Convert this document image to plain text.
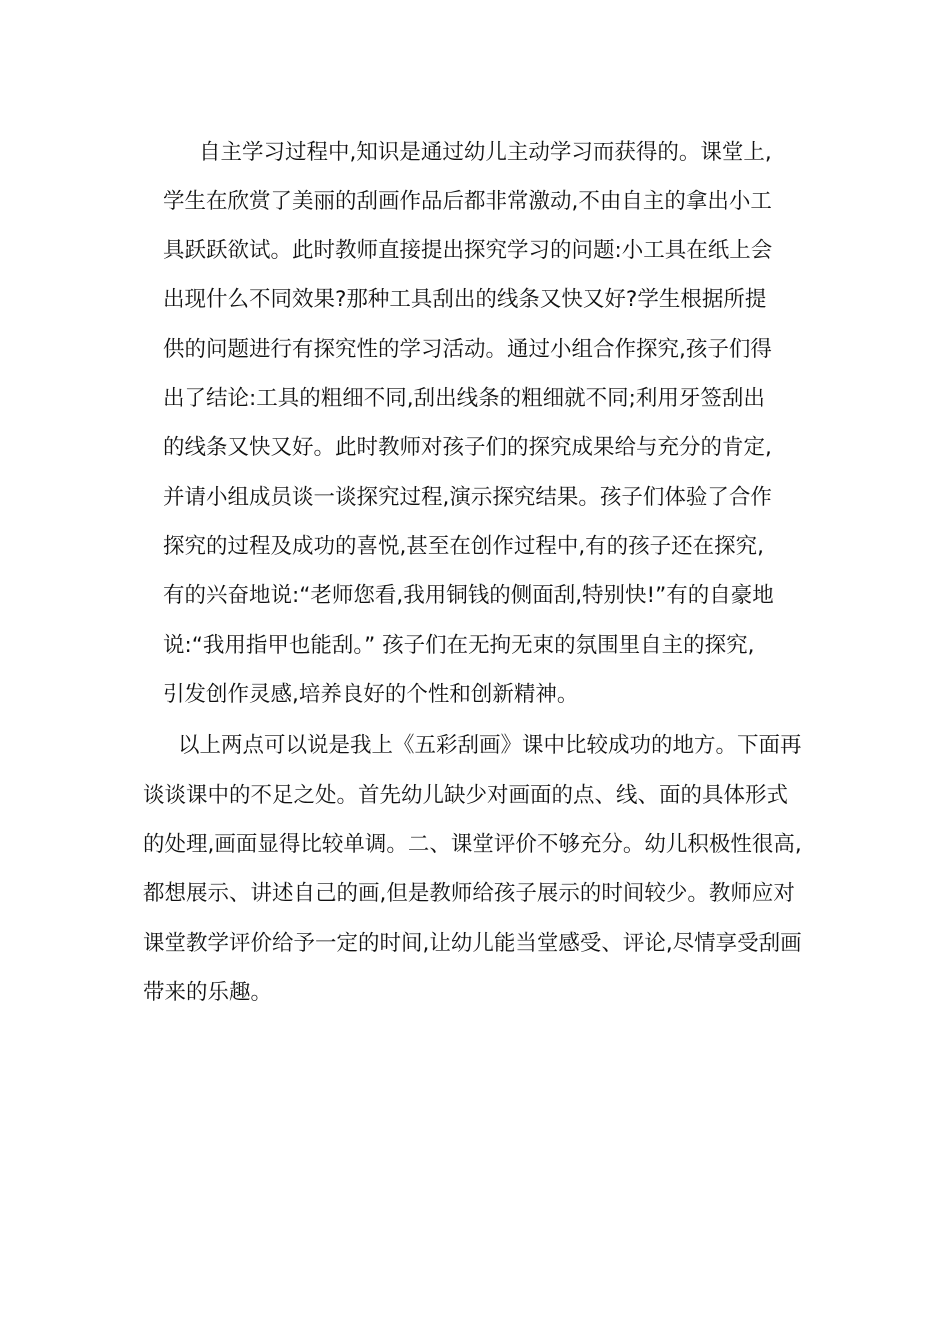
自主学习过程中,知识是通过幼儿主动学习而获得的。课堂上,
学生在欣赏了美丽的刮画作品后都非常激动,不由自主的拿出小工
具跃跃欲试。此时教师直接提出探究学习的问题:小工具在纸上会
出现什么不同效果?那种工具刮出的线条又快又好?学生根据所提
供的问题进行有探究性的学习活动。通过小组合作探究,孩子们得
出了结论:工具的粗细不同,刮出线条的粗细就不同;利用牙签刮出
的线条又快又好。此时教师对孩子们的探究成果给与充分的肯定,
并请小组成员谈一谈探究过程,演示探究结果。孩子们体验了合作
探究的过程及成功的喜悦,甚至在创作过程中,有的孩子还在探究,
有的兴奋地说:“老师您看,我用铜钱的侧面刮,特别快!”有的自豪地
说:“我用指甲也能刮。” 孩子们在无拘无束的氛围里自主的探究,
引发创作灵感,培养良好的个性和创新精神。
以上两点可以说是我上《五彩刮画》课中比较成功的地方。下面再
谈谈课中的不足之处。首先幼儿缺少对画面的点、线、面的具体形式
的处理,画面显得比较单调。二、课堂评价不够充分。幼儿积极性很高,
都想展示、讲述自己的画,但是教师给孩子展示的时间较少。教师应对
课堂教学评价给予一定的时间,让幼儿能当堂感受、评论,尽情享受刮画
带来的乐趣。
